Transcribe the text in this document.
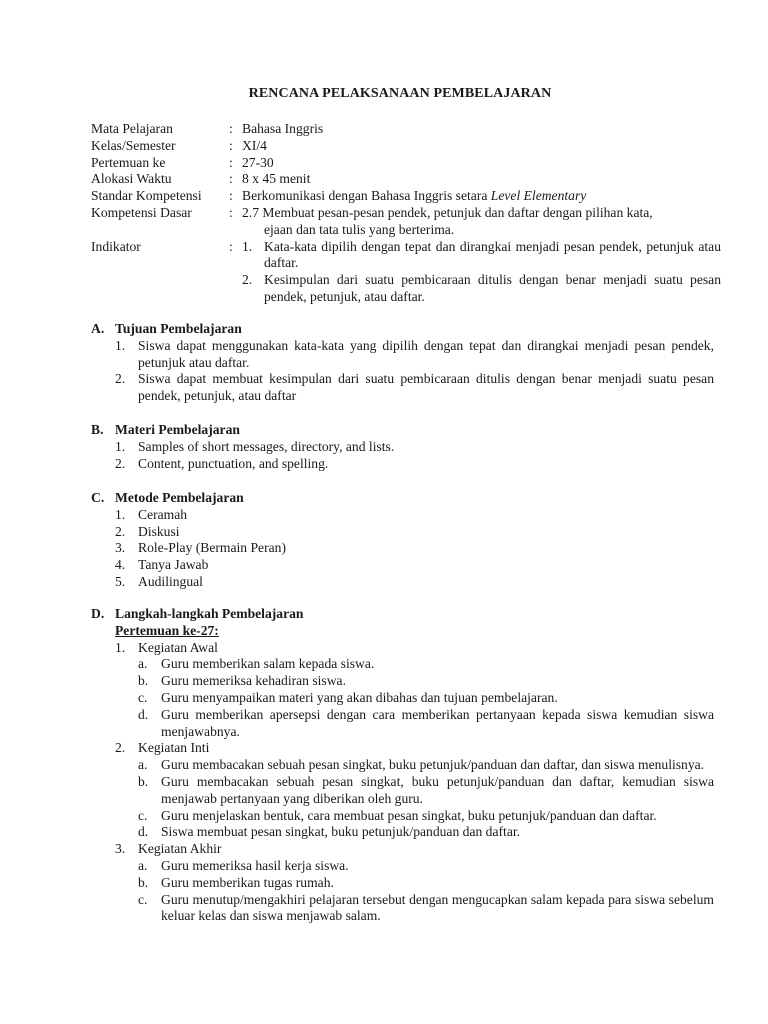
RENCANA PELAKSANAAN PEMBELAJARAN
Mata Pelajaran	: Bahasa Inggris
Kelas/Semester	: XI/4
Pertemuan ke	: 27-30
Alokasi Waktu	: 8 x 45 menit
Standar Kompetensi	: Berkomunikasi dengan Bahasa Inggris setara Level Elementary
Kompetensi Dasar	: 2.7 Membuat pesan-pesan pendek, petunjuk dan daftar dengan pilihan kata,
ejaan dan tata tulis yang berterima.
Indikator	: 1. Kata-kata dipilih dengan tepat dan dirangkai menjadi pesan pendek, petunjuk atau daftar.
2. Kesimpulan dari suatu pembicaraan ditulis dengan benar menjadi suatu pesan pendek, petunjuk, atau daftar.
A. Tujuan Pembelajaran
1. Siswa dapat menggunakan kata-kata yang dipilih dengan tepat dan dirangkai menjadi pesan pendek, petunjuk atau daftar.
2. Siswa dapat membuat kesimpulan dari suatu pembicaraan ditulis dengan benar menjadi suatu pesan pendek, petunjuk, atau daftar
B. Materi Pembelajaran
1. Samples of short messages, directory, and lists.
2. Content, punctuation, and spelling.
C. Metode Pembelajaran
1. Ceramah
2. Diskusi
3. Role-Play (Bermain Peran)
4. Tanya Jawab
5. Audilingual
D. Langkah-langkah Pembelajaran
Pertemuan ke-27:
1. Kegiatan Awal
a. Guru memberikan salam kepada siswa.
b. Guru memeriksa kehadiran siswa.
c. Guru menyampaikan materi yang akan dibahas dan tujuan pembelajaran.
d. Guru memberikan apersepsi dengan cara memberikan pertanyaan kepada siswa kemudian siswa menjawabnya.
2. Kegiatan Inti
a. Guru membacakan sebuah pesan singkat, buku petunjuk/panduan dan daftar, dan siswa menulisnya.
b. Guru membacakan sebuah pesan singkat, buku petunjuk/panduan dan daftar, kemudian siswa menjawab pertanyaan yang diberikan oleh guru.
c. Guru menjelaskan bentuk, cara membuat pesan singkat, buku petunjuk/panduan dan daftar.
d. Siswa membuat pesan singkat, buku petunjuk/panduan dan daftar.
3. Kegiatan Akhir
a. Guru memeriksa hasil kerja siswa.
b. Guru memberikan tugas rumah.
c. Guru menutup/mengakhiri pelajaran tersebut dengan mengucapkan salam kepada para siswa sebelum keluar kelas dan siswa menjawab salam.
